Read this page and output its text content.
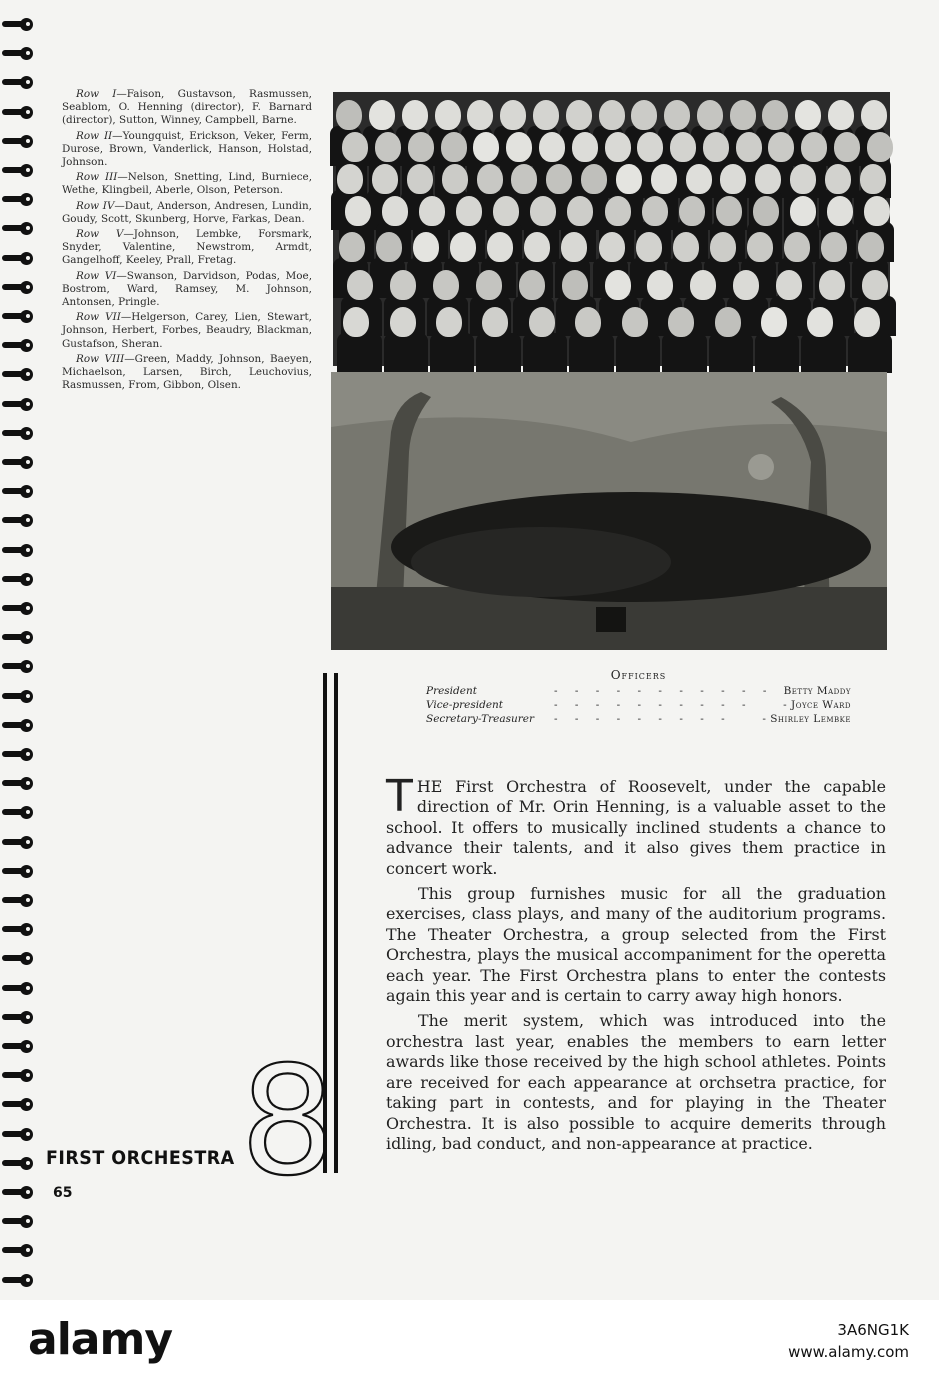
Row I—Faison, Gustavson, Rasmussen, Seablom, O. Henning (director), F. Barnard (director), Sutton, Winney, Campbell, Barne.

Row II—Youngquist, Erickson, Veker, Ferm, Durose, Brown, Vanderlick, Hanson, Holstad, Johnson.

Row III—Nelson, Snetting, Lind, Burniece, Wethe, Klingbeil, Aberle, Olson, Peterson.

Row IV—Daut, Anderson, Andresen, Lundin, Goudy, Scott, Skunberg, Horve, Farkas, Dean.

Row V—Johnson, Lembke, Forsmark, Snyder, Valentine, Newstrom, Armdt, Gangelhoff, Keeley, Prall, Fretag.

Row VI—Swanson, Darvidson, Podas, Moe, Bostrom, Ward, Ramsey, M. Johnson, Antonsen, Pringle.

Row VII—Helgerson, Carey, Lien, Stewart, Johnson, Herbert, Forbes, Beaudry, Blackman, Gustafson, Sheran.

Row VIII—Green, Maddy, Johnson, Baeyen, Michaelson, Larsen, Birch, Leuchovius, Rasmussen, From, Gibbon, Olsen.

Officers
President	- - - - - - - - - - - Betty Maddy
Vice-president	- - - - - - - - - -	- Joyce Ward
Secretary-Treasurer	- - - - - - - - -	- Shirley Lembke

THE First Orchestra of Roosevelt, under the capable direction of Mr. Orin Henning, is a valuable asset to the school. It offers to musically inclined students a chance to advance their talents, and it also gives them practice in concert work.

This group furnishes music for all the graduation exercises, class plays, and many of the auditorium programs. The Theater Orchestra, a group selected from the First Orchestra, plays the musical accompaniment for the operetta each year. The First Orchestra plans to enter the contests again this year and is certain to carry away high honors.

The merit system, which was introduced into the orchestra last year, enables the members to earn letter awards like those received by the high school athletes. Points are received for each appearance at orchsetra practice, for taking part in contests, and for playing in the Theater Orchestra. It is also possible to acquire demerits through idling, bad conduct, and non-appearance at practice.

8
FIRST ORCHESTRA
65
alamy	3A6NG1K
www.alamy.com
